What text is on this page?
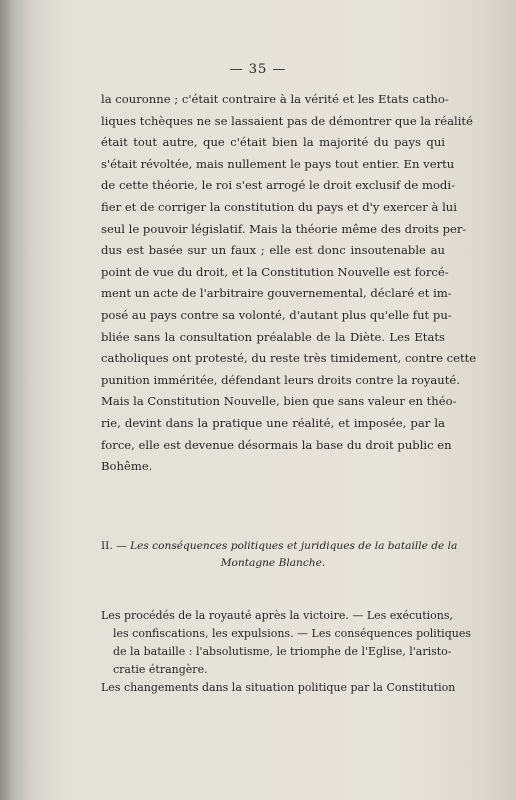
— 35 —
la couronne ; c'était contraire à la vérité et les Etats catho-
liques tchèques ne se lassaient pas de démontrer que la réalité
était tout autre, que c'était bien la majorité du pays qui
s'était révoltée, mais nullement le pays tout entier. En vertu
de cette théorie, le roi s'est arrogé le droit exclusif de modi-
fier et de corriger la constitution du pays et d'y exercer à lui
seul le pouvoir législatif. Mais la théorie même des droits per-
dus est basée sur un faux ; elle est donc insoutenable au
point de vue du droit, et la Constitution Nouvelle est forcé-
ment un acte de l'arbitraire gouvernemental, déclaré et im-
posé au pays contre sa volonté, d'autant plus qu'elle fut pu-
bliée sans la consultation préalable de la Diète. Les Etats
catholiques ont protesté, du reste très timidement, contre cette
punition imméritée, défendant leurs droits contre la royauté.
Mais la Constitution Nouvelle, bien que sans valeur en théo-
rie, devint dans la pratique une réalité, et imposée, par la
force, elle est devenue désormais la base du droit public en
Bohême.
II. — Les conséquences politiques et juridiques de la bataille de la
Montagne Blanche.
Les procédés de la royauté après la victoire. — Les exécutions,
les confiscations, les expulsions. — Les conséquences politiques
de la bataille : l'absolutisme, le triomphe de l'Eglise, l'aristo-
cratie étrangère.
Les changements dans la situation politique par la Constitution
